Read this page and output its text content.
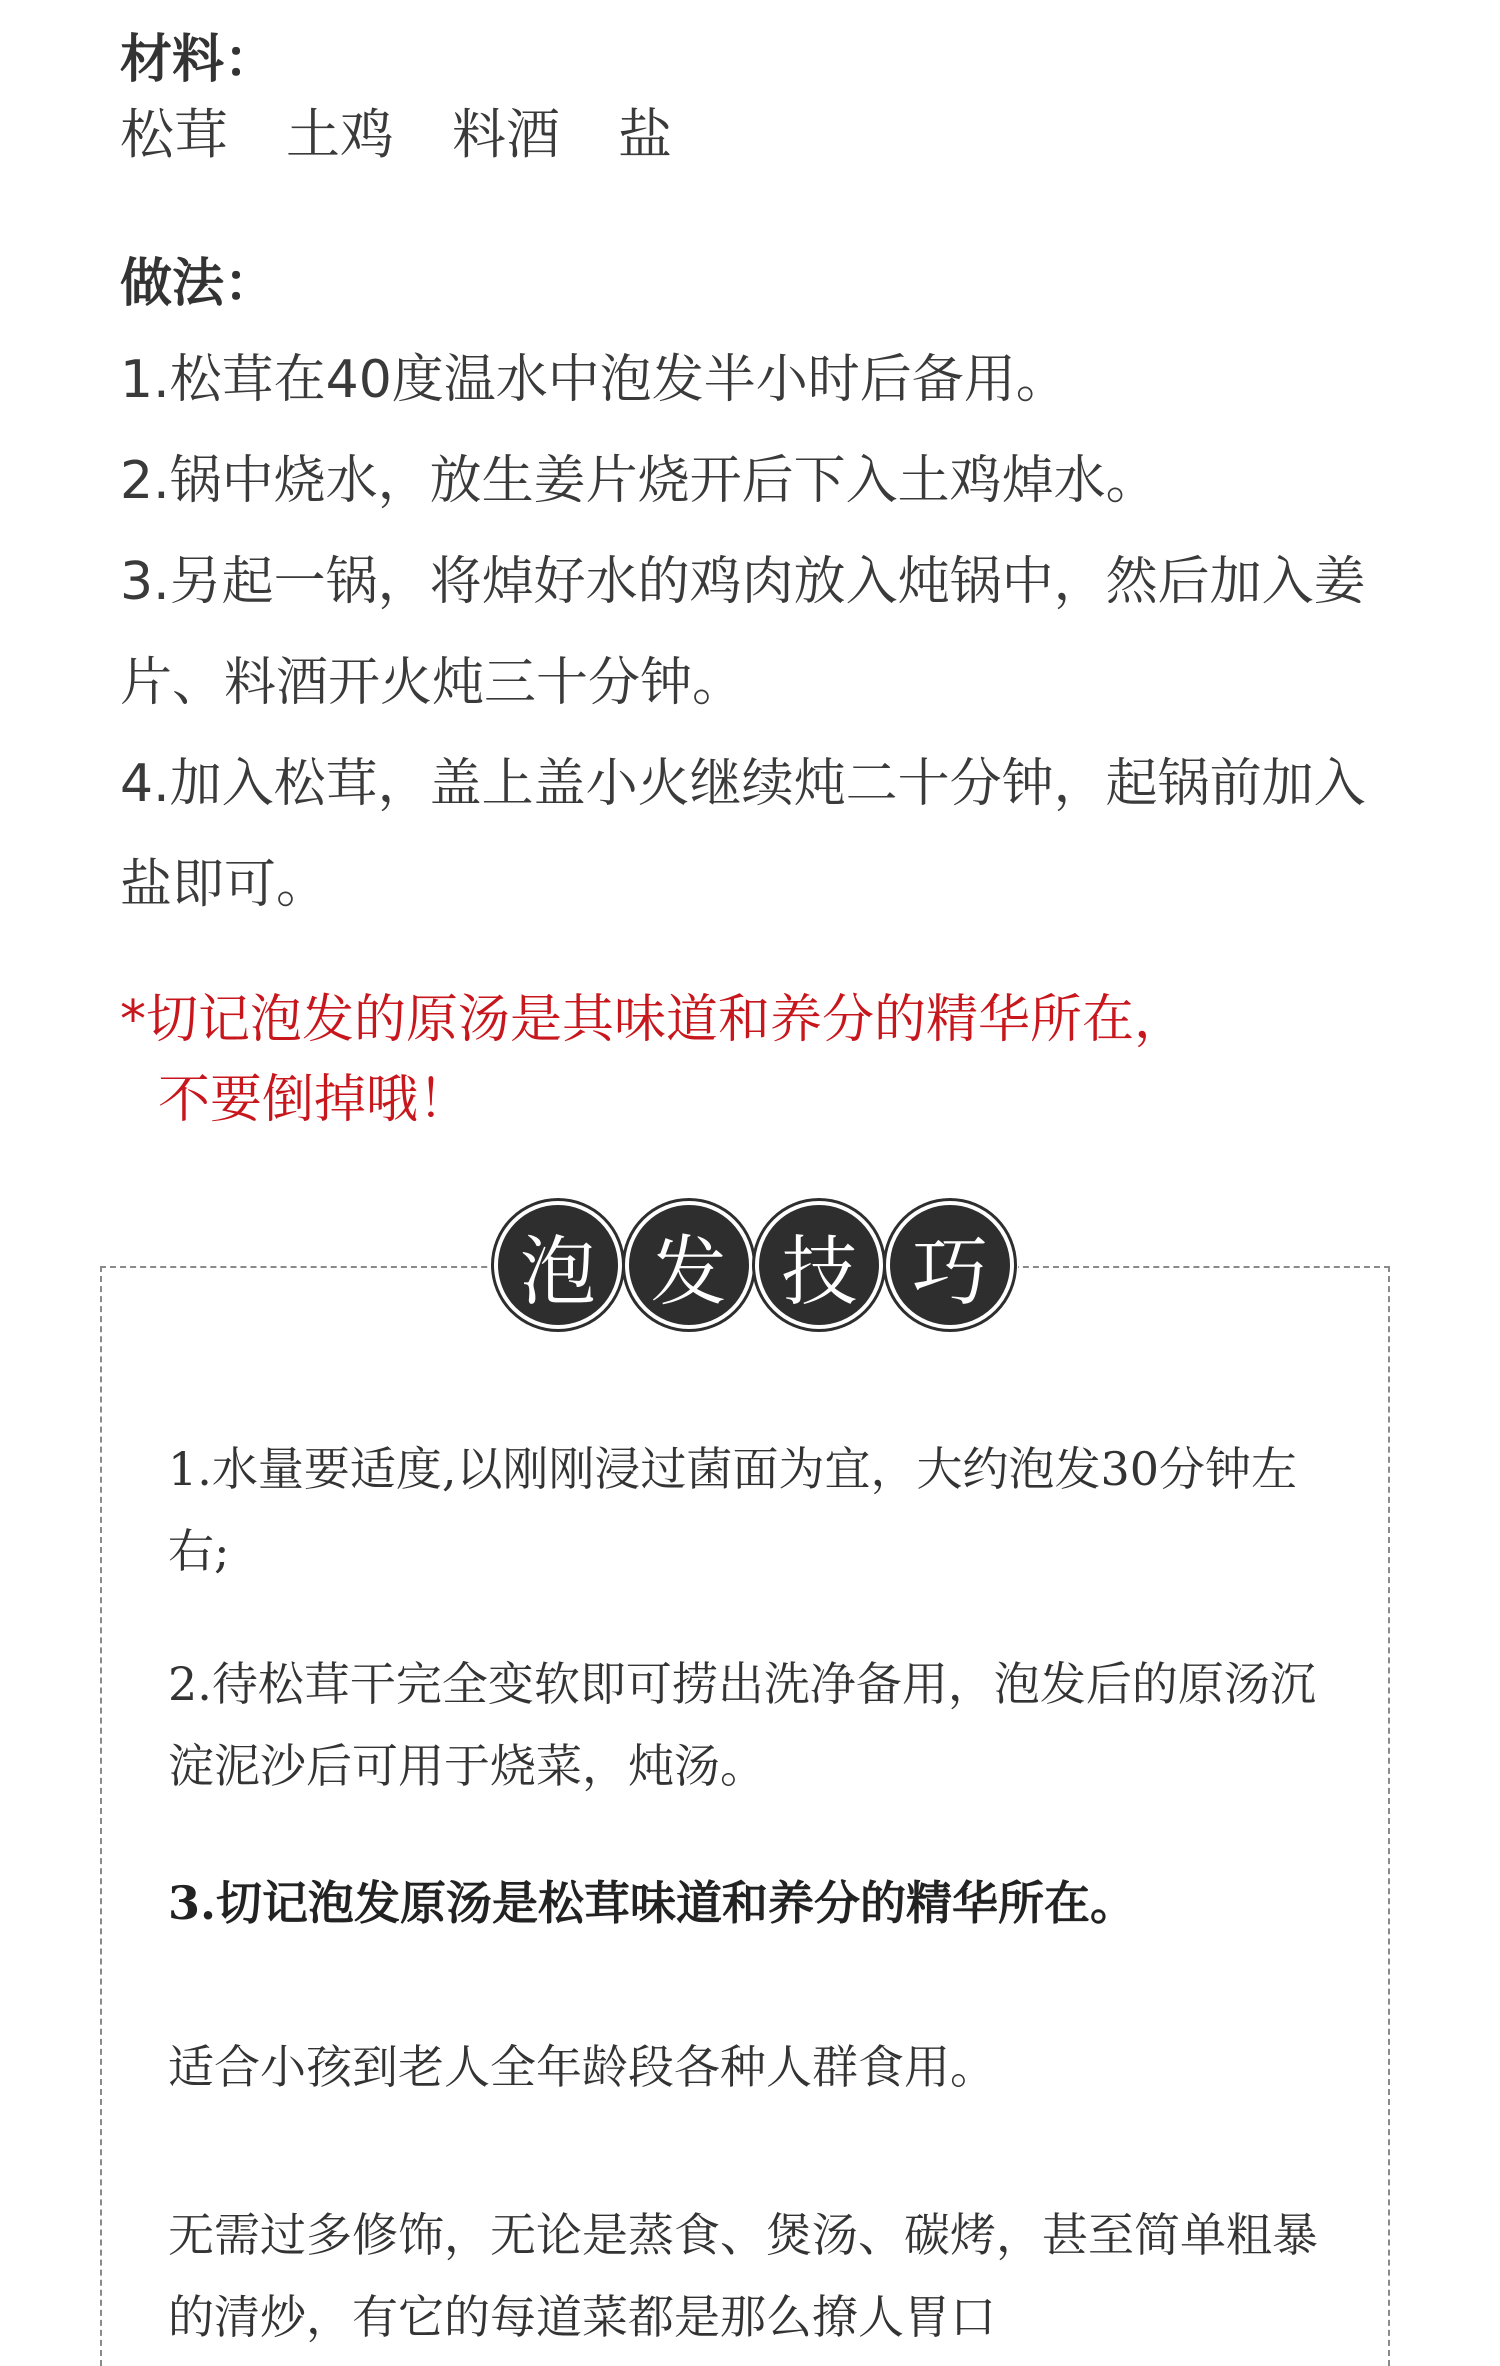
材料：
松茸 土鸡 料酒 盐
做法：
1.松茸在40度温水中泡发半小时后备用。
2.锅中烧水，放生姜片烧开后下入土鸡焯水。
3.另起一锅，将焯好水的鸡肉放入炖锅中，然后加入姜片、料酒开火炖三十分钟。
4.加入松茸，盖上盖小火继续炖二十分钟，起锅前加入盐即可。
*切记泡发的原汤是其味道和养分的精华所在，
不要倒掉哦！
泡 发 技 巧

1.水量要适度,以刚刚浸过菌面为宜，大约泡发30分钟左右;

2.待松茸干完全变软即可捞出洗净备用，泡发后的原汤沉淀泥沙后可用于烧菜，炖汤。

3.切记泡发原汤是松茸味道和养分的精华所在。

适合小孩到老人全年龄段各种人群食用。

无需过多修饰，无论是蒸食、煲汤、碳烤，甚至简单粗暴的清炒，有它的每道菜都是那么撩人胃口
